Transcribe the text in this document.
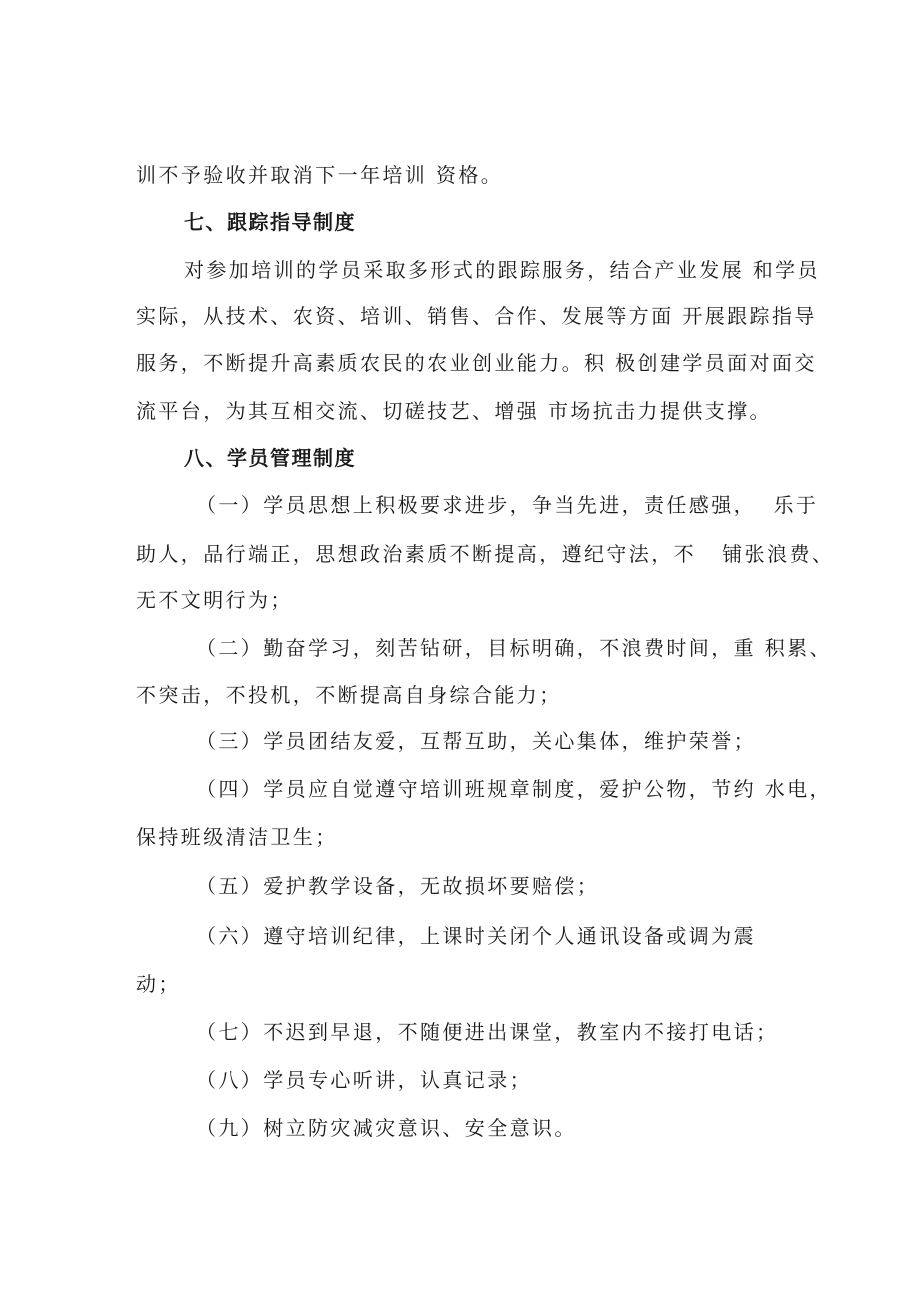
训不予验收并取消下一年培训 资格。
七、跟踪指导制度
对参加培训的学员采取多形式的跟踪服务，结合产业发展 和学员
实际，从技术、农资、培训、销售、合作、发展等方面 开展跟踪指导
服务，不断提升高素质农民的农业创业能力。积 极创建学员面对面交
流平台，为其互相交流、切磋技艺、增强 市场抗击力提供支撑。
八、学员管理制度
（一）学员思想上积极要求进步，争当先进，责任感强，  乐于
助人，品行端正，思想政治素质不断提高，遵纪守法，不   铺张浪费、
无不文明行为；
（二）勤奋学习，刻苦钻研，目标明确，不浪费时间，重 积累、
不突击，不投机，不断提高自身综合能力；
（三）学员团结友爱，互帮互助，关心集体，维护荣誉；
（四）学员应自觉遵守培训班规章制度，爱护公物，节约 水电，
保持班级清洁卫生；
（五）爱护教学设备，无故损坏要赔偿；
（六）遵守培训纪律，上课时关闭个人通讯设备或调为震
动；
（七）不迟到早退，不随便进出课堂，教室内不接打电话；
（八）学员专心听讲，认真记录；
（九）树立防灾减灾意识、安全意识。
